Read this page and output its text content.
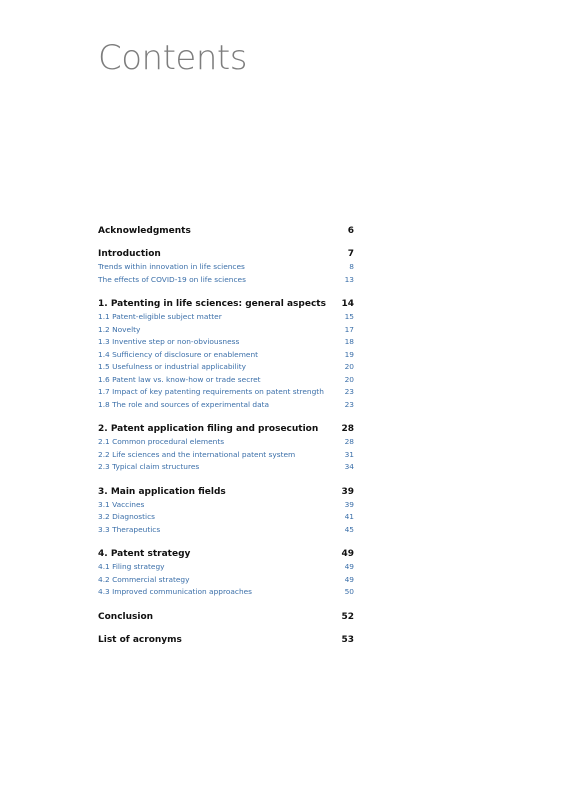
Contents
Acknowledgments	6
Introduction	7
Trends within innovation in life sciences	8
The effects of COVID-19 on life sciences	13
1. Patenting in life sciences: general aspects 14
1.1 Patent-eligible subject matter	15
1.2 Novelty	17
1.3 Inventive step or non-obviousness	18
1.4 Sufficiency of disclosure or enablement	19
1.5 Usefulness or industrial applicability	20
1.6 Patent law vs. know-how or trade secret	20
1.7 Impact of key patenting requirements on patent strength	23
1.8 The role and sources of experimental data	23
2. Patent application filing and prosecution	28
2.1 Common procedural elements	28
2.2 Life sciences and the international patent system	31
2.3 Typical claim structures	34
3. Main application fields	39
3.1 Vaccines	39
3.2 Diagnostics	41
3.3 Therapeutics	45
4. Patent strategy	49
4.1 Filing strategy	49
4.2 Commercial strategy	49
4.3 Improved communication approaches	50
Conclusion	52
List of acronyms	53
